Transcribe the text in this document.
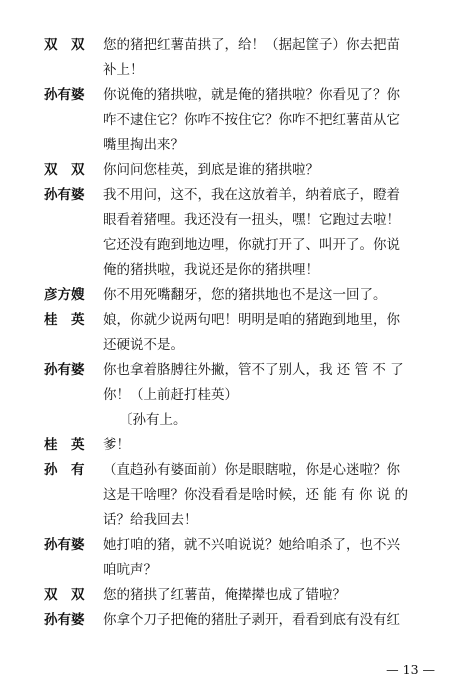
双　双	您的猪把红薯苗拱了，给！（据起筐子）你去把苗
补上！
孙有婆	你说俺的猪拱啦，就是俺的猪拱啦？你看见了？你
咋不逮住它？你咋不按住它？你咋不把红薯苗从它
嘴里掏出来？
双　双	你问问您桂英，到底是谁的猪拱啦？
孙有婆	我不用问，这不，我在这放着羊，纳着底子，瞪着
眼看着猪哩。我还没有一扭头，嘿！它跑过去啦！
它还没有跑到地边哩，你就打开了、叫开了。你说
俺的猪拱啦，我说还是你的猪拱哩！
彦方嫂	你不用死嘴翻牙，您的猪拱地也不是这一回了。
桂　英	娘，你就少说两句吧！明明是咱的猪跑到地里，你
还硬说不是。
孙有婆	你也拿着胳膊往外撇，管不了别人，我 还 管 不 了
你！（上前赶打桂英）
〔孙有上。
桂　英	爹！
孙　有	（直趋孙有婆面前）你是眼瞎啦，你是心迷啦？你
这是干啥哩？你没看看是啥时候，还 能 有 你 说 的
话？给我回去！
孙有婆	她打咱的猪，就不兴咱说说？她给咱杀了，也不兴
咱吭声？
双　双	您的猪拱了红薯苗，俺撵撵也成了错啦？
孙有婆	你拿个刀子把俺的猪肚子剥开，看看到底有没有红
— 13 —
